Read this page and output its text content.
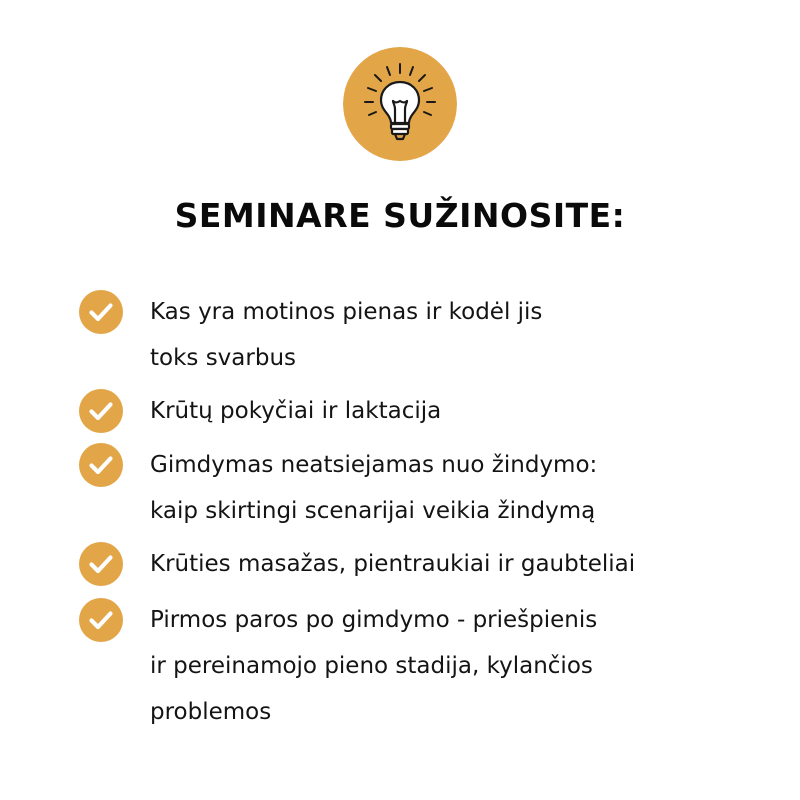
SEMINARE SUŽINOSITE:

Kas yra motinos pienas ir kodėl jis
toks svarbus

Krūtų pokyčiai ir laktacija

Gimdymas neatsiejamas nuo žindymo:
kaip skirtingi scenarijai veikia žindymą

Krūties masažas, pientraukiai ir gaubteliai

Pirmos paros po gimdymo - priešpienis
ir pereinamojo pieno stadija, kylančios
problemos
